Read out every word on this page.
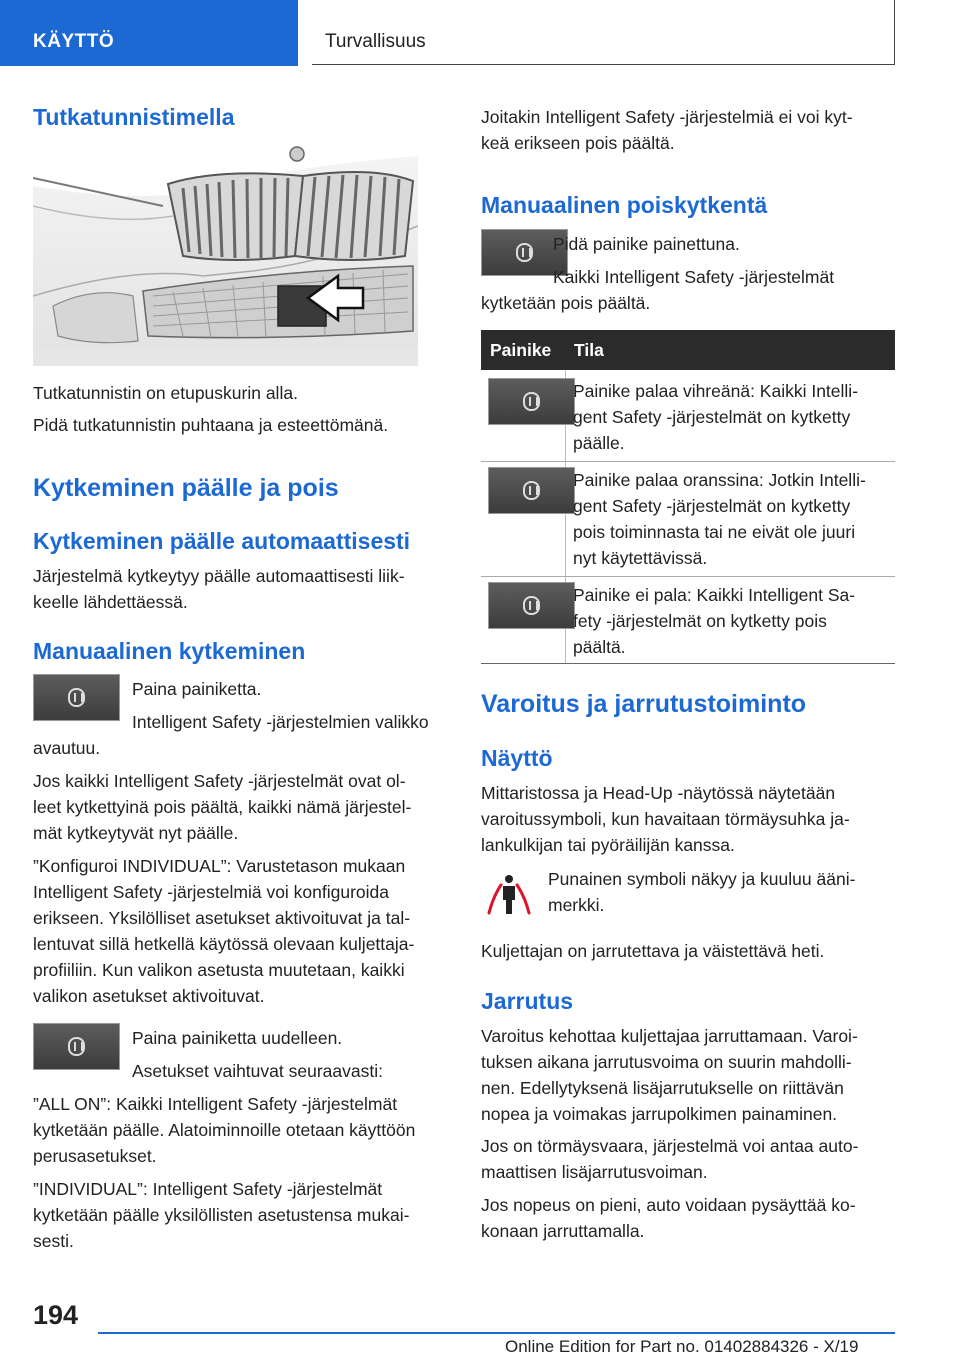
KÄYTTÖ	Turvallisuus
Tutkatunnistimella
Tutkatunnistin on etupuskurin alla.
Pidä tutkatunnistin puhtaana ja esteettömänä.
Kytkeminen päälle ja pois
Kytkeminen päälle automaattisesti
Järjestelmä kytkeytyy päälle automaattisesti liik-
keelle lähdettäessä.
Manuaalinen kytkeminen
Paina painiketta.
Intelligent Safety -järjestelmien valikko
avautuu.
Jos kaikki Intelligent Safety -järjestelmät ovat ol-
leet kytkettyinä pois päältä, kaikki nämä järjestel-
mät kytkeytyvät nyt päälle.
”Konfiguroi INDIVIDUAL”: Varustetason mukaan
Intelligent Safety -järjestelmiä voi konfiguroida
erikseen. Yksilölliset asetukset aktivoituvat ja tal-
lentuvat sillä hetkellä käytössä olevaan kuljettaja-
profiiliin. Kun valikon asetusta muutetaan, kaikki
valikon asetukset aktivoituvat.
Paina painiketta uudelleen.
Asetukset vaihtuvat seuraavasti:
”ALL ON”: Kaikki Intelligent Safety -järjestelmät
kytketään päälle. Alatoiminnoille otetaan käyttöön
perusasetukset.
”INDIVIDUAL”: Intelligent Safety -järjestelmät
kytketään päälle yksilöllisten asetustensa mukai-
sesti.
Joitakin Intelligent Safety -järjestelmiä ei voi kyt-
keä erikseen pois päältä.
Manuaalinen poiskytkentä
Pidä painike painettuna.
Kaikki Intelligent Safety -järjestelmät
kytketään pois päältä.
Painike Tila
Painike palaa vihreänä: Kaikki Intelli-
gent Safety -järjestelmät on kytketty
päälle.
Painike palaa oranssina: Jotkin Intelli-
gent Safety -järjestelmät on kytketty
pois toiminnasta tai ne eivät ole juuri
nyt käytettävissä.
Painike ei pala: Kaikki Intelligent Sa-
fety -järjestelmät on kytketty pois
päältä.
Varoitus ja jarrutustoiminto
Näyttö
Mittaristossa ja Head-Up -näytössä näytetään
varoitussymboli, kun havaitaan törmäysuhka ja-
lankulkijan tai pyöräilijän kanssa.
Punainen symboli näkyy ja kuuluu ääni-
merkki.
Kuljettajan on jarrutettava ja väistettävä heti.
Jarrutus
Varoitus kehottaa kuljettajaa jarruttamaan. Varoi-
tuksen aikana jarrutusvoima on suurin mahdolli-
nen. Edellytyksenä lisäjarrutukselle on riittävän
nopea ja voimakas jarrupolkimen painaminen.
Jos on törmäysvaara, järjestelmä voi antaa auto-
maattisen lisäjarrutusvoiman.
Jos nopeus on pieni, auto voidaan pysäyttää ko-
konaan jarruttamalla.
194
Online Edition for Part no. 01402884326 - X/19
